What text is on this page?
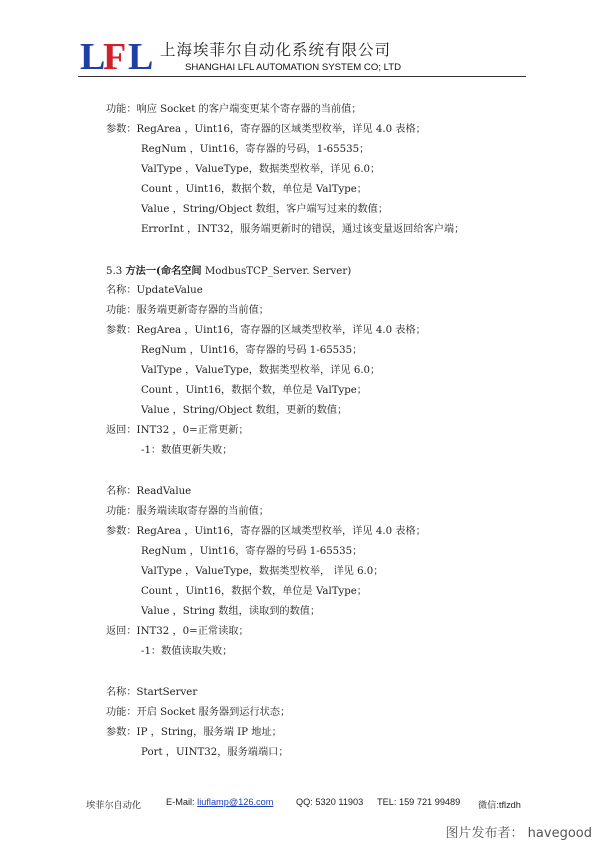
L F L 上海埃菲尔自动化系统有限公司
SHANGHAI LFL AUTOMATION SYSTEM CO; LTD
功能：响应 Socket 的客户端变更某个寄存器的当前值；
参数：RegArea ，Uint16，寄存器的区域类型枚举，详见 4.0 表格；
RegNum ，Uint16，寄存器的号码，1-65535；
ValType ，ValueType，数据类型枚举，详见 6.0；
Count ，Uint16，数据个数，单位是 ValType；
Value ，String/Object 数组，客户端写过来的数值；
ErrorInt ，INT32，服务端更新时的错误，通过该变量返回给客户端；
5.3 方法一(命名空间 ModbusTCP_Server. Server)
名称：UpdateValue
功能：服务端更新寄存器的当前值；
参数：RegArea ，Uint16，寄存器的区域类型枚举，详见 4.0 表格；
RegNum ，Uint16，寄存器的号码 1-65535；
ValType ，ValueType，数据类型枚举，详见 6.0；
Count ，Uint16，数据个数，单位是 ValType；
Value ，String/Object 数组，更新的数值；
返回：INT32 ，0=正常更新；
-1：数值更新失败；
名称：ReadValue
功能：服务端读取寄存器的当前值；
参数：RegArea ，Uint16，寄存器的区域类型枚举，详见 4.0 表格；
RegNum ，Uint16，寄存器的号码 1-65535；
ValType ，ValueType，数据类型枚举， 详见 6.0；
Count ，Uint16，数据个数，单位是 ValType；
Value ，String 数组，读取到的数值；
返回：INT32 ，0=正常读取；
-1：数值读取失败；
名称：StartServer
功能：开启 Socket 服务器到运行状态；
参数：IP ，String，服务端 IP 地址；
Port ，UINT32，服务端端口；
埃菲尔自动化	E-Mail: liuflamp@126.com QQ: 5320 11903 TEL: 159 721 99489 微信:tflzdh
图片发布者： havegood
